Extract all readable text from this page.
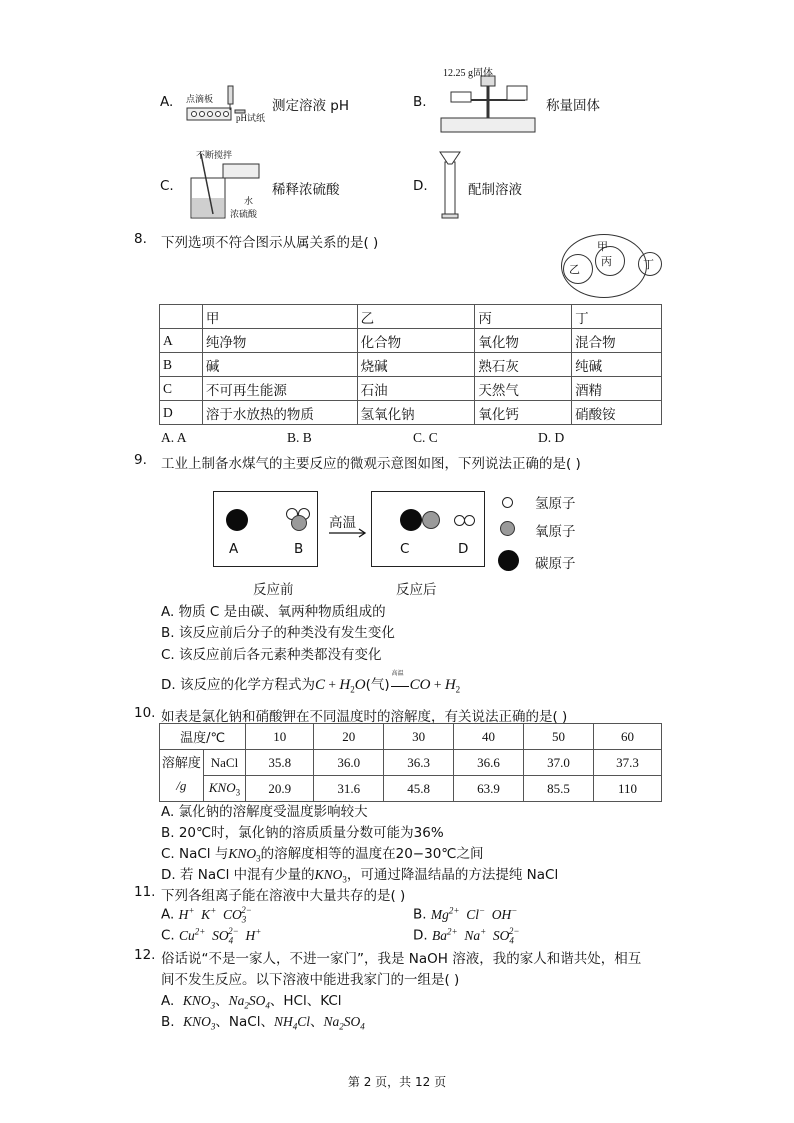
A. 点滴板
pH试纸
测定溶液 pH	B.
12.25 g固体
称量固体
C.
不断搅拌
水
浓硫酸
稀释浓硫酸	D.	配制溶液
8. 下列选项不符合图示从属关系的是( )	甲
乙
丙	丁
	甲	乙	丙	丁
A	纯净物	化合物	氧化物	混合物
B	碱	烧碱	熟石灰	纯碱
C	不可再生能源	石油	天然气	酒精
D	溶于水放热的物质	氢氧化钠	氧化钙	硝酸铵
A. A	B. B	C. C	D. D
9. 工业上制备水煤气的主要反应的微观示意图如图，下列说法正确的是( )
A	B
高温
C	D
反应前	反应后
氢原子
氧原子
碳原子
A. 物质 C 是由碳、氧两种物质组成的
B. 该反应前后分子的种类没有发生变化
C. 该反应前后各元素种类都没有变化
D. 该反应的化学方程式为$C + H_2O$(气)
高温
CO + $H_2$
10. 如表是氯化钠和硝酸钾在不同温度时的溶解度，有关说法正确的是( )
温度/℃		10	20	30	40	50	60
溶解度
/g	NaCl	35.8	36.0	36.3	36.6	37.0	37.3
	$KNO_3$	20.9	31.6	45.8	63.9	85.5	110
A. 氯化钠的溶解度受温度影响较大
B. 20℃时，氯化钠的溶质质量分数可能为36%
C. NaCl 与$KNO_3$的溶解度相等的温度在20−30℃之间
D. 若 NaCl 中混有少量的$KNO_3$，可通过降温结晶的方法提纯 NaCl
11. 下列各组离子能在溶液中大量共存的是( )
A. H+  K+  $CO_3^{2-}$	B. $Mg^{2+}$  Cl−  OH−
C. $Cu^{2+}$  $SO_4^{2-}$  H+	D. $Ba^{2+}$  Na+  $SO_4^{2-}$
12. 俗话说“不是一家人，不进一家门”，我是 NaOH 溶液，我的家人和谐共处，相互
间不发生反应。以下溶液中能进我家门的一组是( )
A.  $KNO_3$、$Na_2SO_4$、HCl、KCl
B.  $KNO_3$、NaCl、$NH_4Cl$、$Na_2SO_4$
第 2 页，共 12 页
